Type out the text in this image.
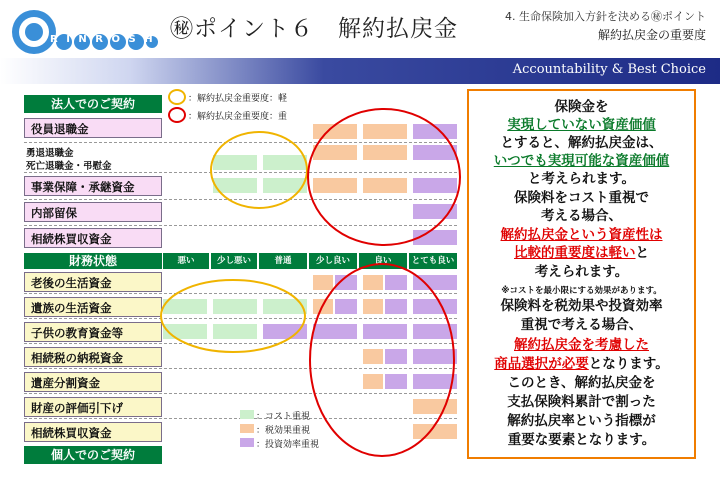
RINROSHA
㊙ポイント６　解約払戻金	4. 生命保険加入方針を決める㊙ポイント
解約払戻金の重要度
Accountability & Best Choice
：解約払戻金重要度：軽
：解約払戻金重要度：重
法人でのご契約
役員退職金
勇退退職金
死亡退職金・弔慰金
事業保障・承継資金
内部留保
相続株買収資金
財務状態	悪い	少し悪い	普通	少し良い	良い	とても良い
老後の生活資金
遺族の生活資金
子供の教育資金等
相続税の納税資金
遺産分割資金
財産の評価引下げ
相続株買収資金
個人でのご契約
：コスト重視
：税効果重視
：投資効率重視
保険金を
実現していない資産価値
とすると、解約払戻金は、
いつでも実現可能な資産価値
と考えられます。
保険料をコスト重視で
考える場合、
解約払戻金という資産性は
比較的重要度は軽いと
考えられます。
※コストを最小限にする効果があります。
保険料を税効果や投資効率
重視で考える場合、
解約払戻金を考慮した
商品選択が必要となります。
このとき、解約払戻金を
支払保険料累計で割った
解約払戻率という指標が
重要な要素となります。
